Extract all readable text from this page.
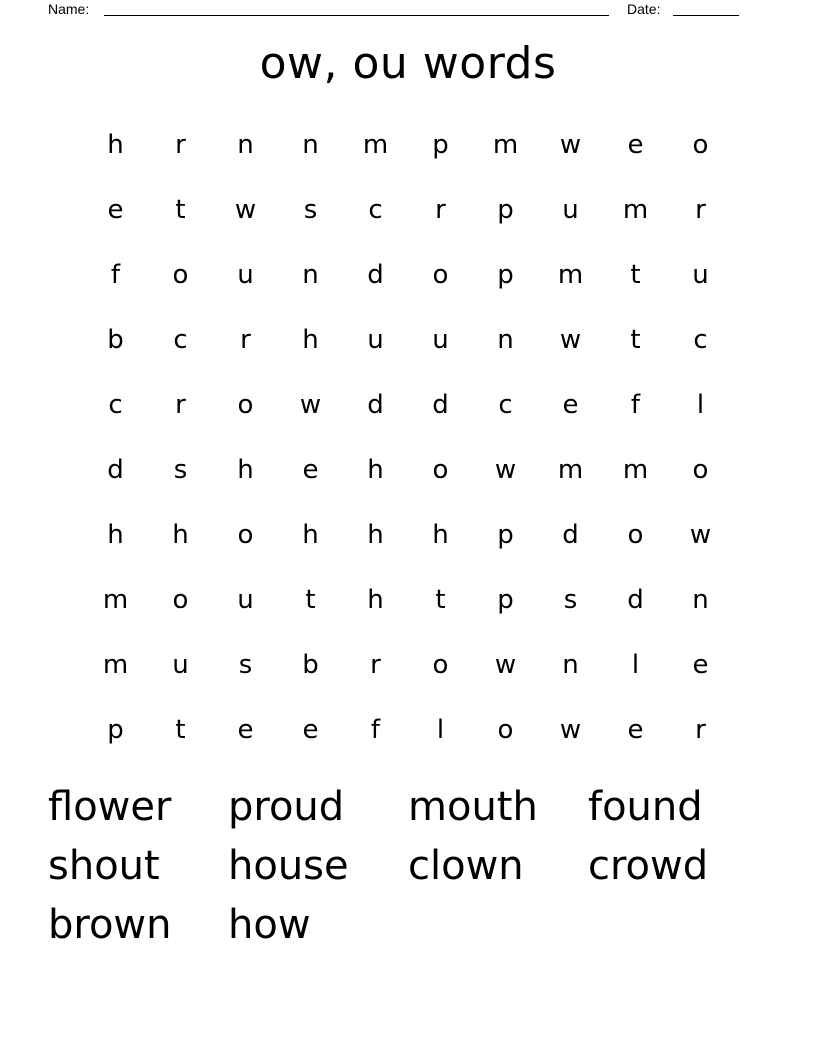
Name:	Date:
ow, ou words
h	r	n	n	m	p	m	w	e	o
e	t	w	s	c	r	p	u	m	r
f	o	u	n	d	o	p	m	t	u
b	c	r	h	u	u	n	w	t	c
c	r	o	w	d	d	c	e	f	l
d	s	h	e	h	o	w	m	m	o
h	h	o	h	h	h	p	d	o	w
m	o	u	t	h	t	p	s	d	n
m	u	s	b	r	o	w	n	l	e
p	t	e	e	f	l	o	w	e	r
flower	proud	mouth	found
shout	house	clown	crowd
brown	how
